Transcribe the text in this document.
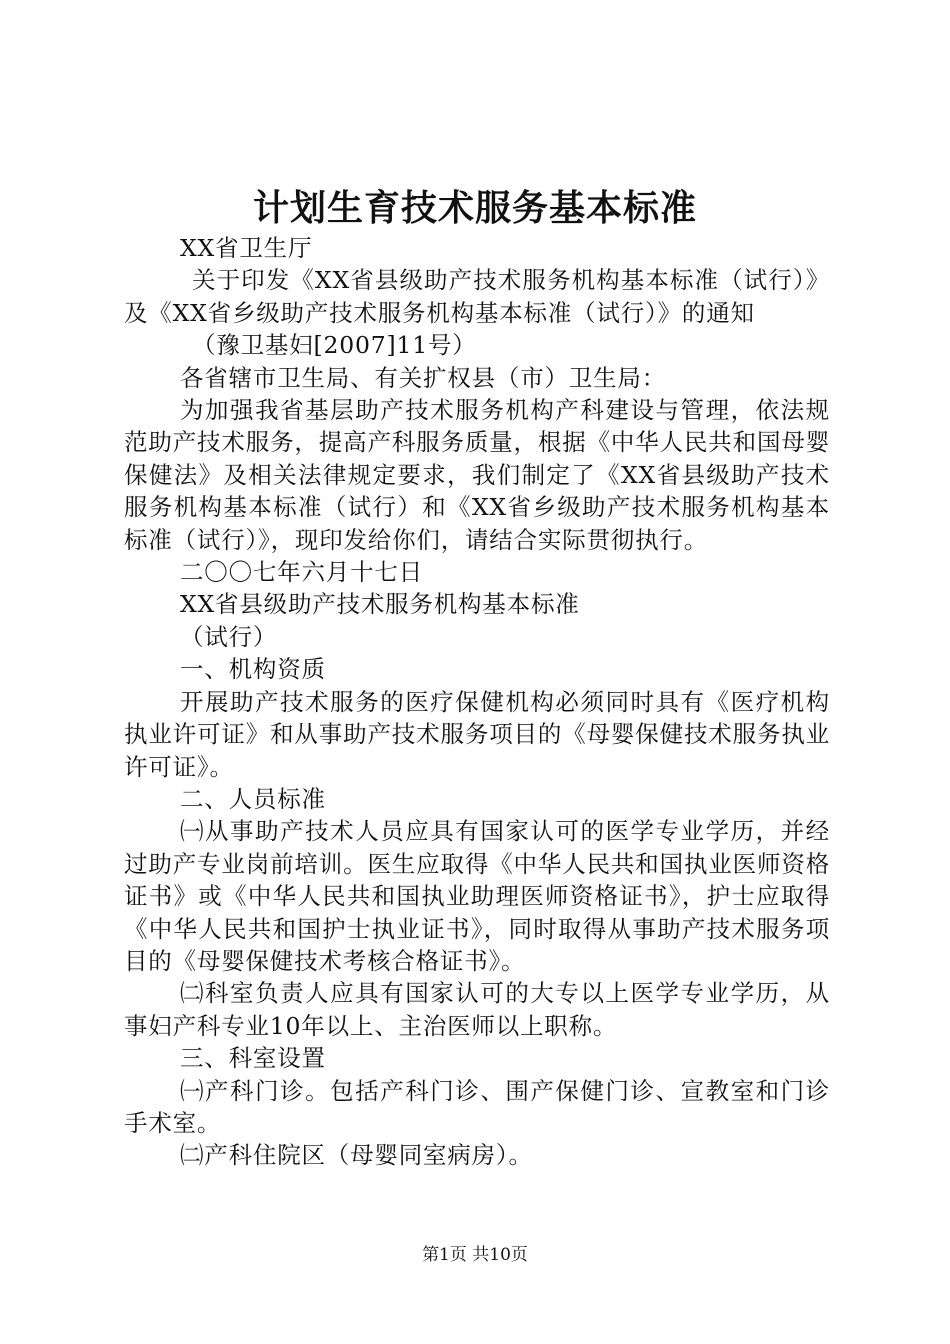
计划生育技术服务基本标准

XX省卫生厅

关于印发《XX省县级助产技术服务机构基本标准（试行）》及《XX省乡级助产技术服务机构基本标准（试行）》的通知

（豫卫基妇[2007]11号）

各省辖市卫生局、有关扩权县（市）卫生局：

为加强我省基层助产技术服务机构产科建设与管理，依法规范助产技术服务，提高产科服务质量，根据《中华人民共和国母婴保健法》及相关法律规定要求，我们制定了《XX省县级助产技术服务机构基本标准（试行）和《XX省乡级助产技术服务机构基本标准（试行）》，现印发给你们，请结合实际贯彻执行。

二〇〇七年六月十七日

XX省县级助产技术服务机构基本标准

（试行）

一、机构资质

开展助产技术服务的医疗保健机构必须同时具有《医疗机构执业许可证》和从事助产技术服务项目的《母婴保健技术服务执业许可证》。

二、人员标准

㈠从事助产技术人员应具有国家认可的医学专业学历，并经过助产专业岗前培训。医生应取得《中华人民共和国执业医师资格证书》或《中华人民共和国执业助理医师资格证书》，护士应取得《中华人民共和国护士执业证书》，同时取得从事助产技术服务项目的《母婴保健技术考核合格证书》。

㈡科室负责人应具有国家认可的大专以上医学专业学历，从事妇产科专业10年以上、主治医师以上职称。

三、科室设置

㈠产科门诊。包括产科门诊、围产保健门诊、宣教室和门诊手术室。

㈡产科住院区（母婴同室病房）。

第1页 共10页
